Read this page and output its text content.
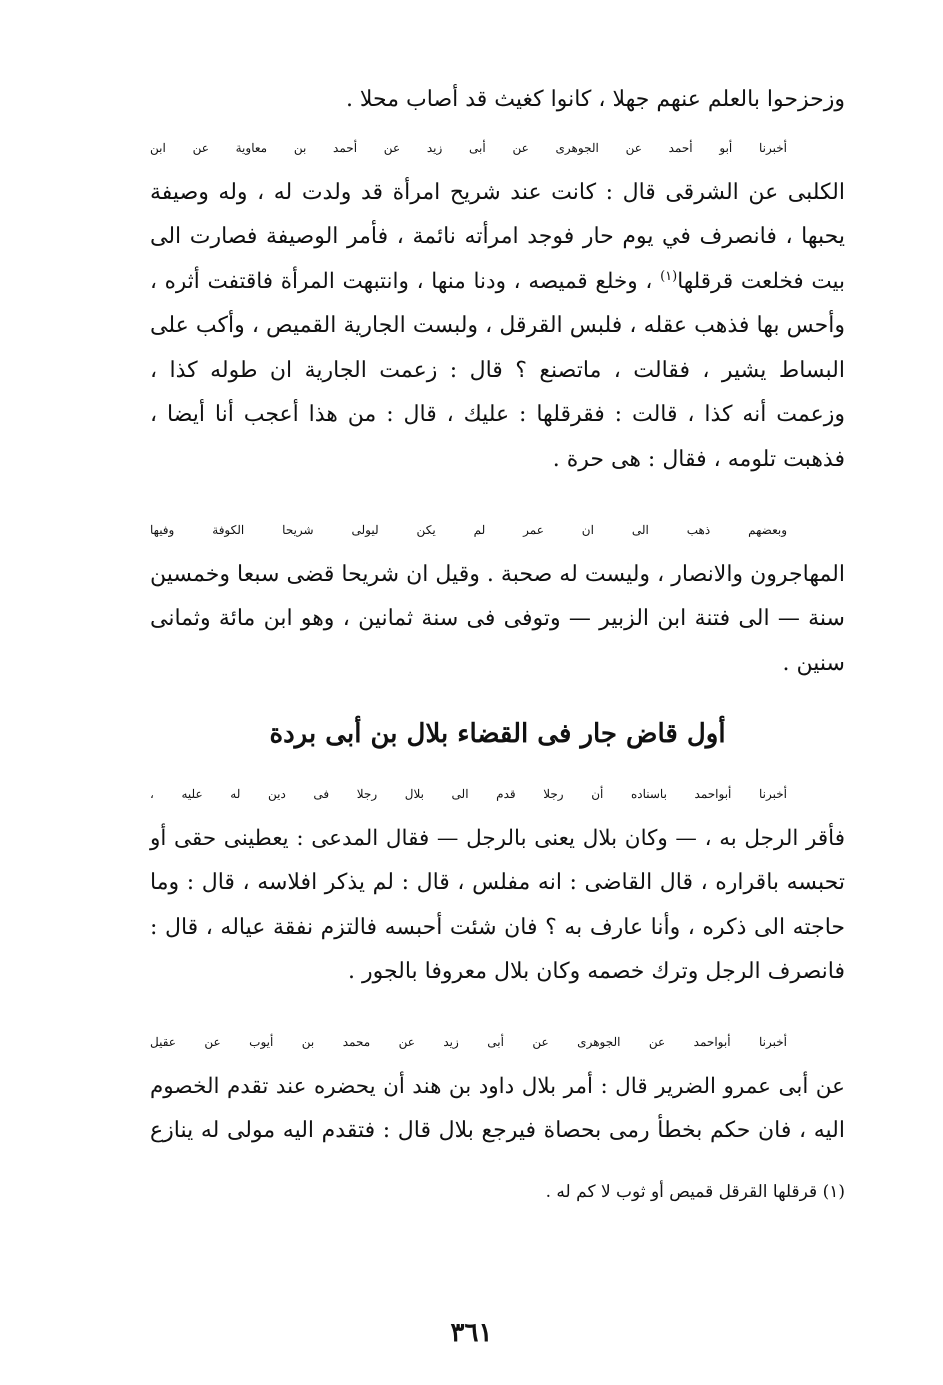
وزحزحوا بالعلم عنهم جهلا ، كانوا كغيث قد أصاب محلا .
أخبرنا أبو أحمد عن الجوهرى عن أبى زيد عن أحمد بن معاوية عن ابن
الكلبى عن الشرقى قال : كانت عند شريح امرأة قد ولدت له ، وله وصيفة
يحبها ، فانصرف في يوم حار فوجد امرأته نائمة ، فأمر الوصيفة فصارت الى
بيت فخلعت قرقلها$^{(١)}$ ، وخلع قميصه ، ودنا منها ، وانتبهت المرأة فاقتفت أثره ،
وأحس بها فذهب عقله ، فلبس القرقل ، ولبست الجارية القميص ، وأكب على
البساط يشير ، فقالت ، ماتصنع ؟ قال : زعمت الجارية ان طوله كذا ،
وزعمت أنه كذا ، قالت : فقرقلها : عليك ، قال : من هذا أعجب أنا أيضا ،
فذهبت تلومه ، فقال : هى حرة .
وبعضهم ذهب الى ان عمر لم يكن ليولى شريحا الكوفة وفيها
المهاجرون والانصار ، وليست له صحبة . وقيل ان شريحا قضى سبعا وخمسين
سنة — الى فتنة ابن الزبير — وتوفى فى سنة ثمانين ، وهو ابن مائة وثمانى
سنين .
أول قاض جار فى القضاء بلال بن أبى بردة
أخبرنا أبواحمد باسناده أن رجلا قدم الى بلال رجلا فى دين له عليه ،
فأقر الرجل به ، — وكان بلال يعنى بالرجل — فقال المدعى : يعطينى حقى أو
تحبسه باقراره ، قال القاضى : انه مفلس ، قال : لم يذكر افلاسه ، قال : وما
حاجته الى ذكره ، وأنا عارف به ؟ فان شئت أحبسه فالتزم نفقة عياله ، قال :
فانصرف الرجل وترك خصمه وكان بلال معروفا بالجور .
أخبرنا أبواحمد عن الجوهرى عن أبى زيد عن محمد بن أيوب عن عقيل
عن أبى عمرو الضرير قال : أمر بلال داود بن هند أن يحضره عند تقدم الخصوم
اليه ، فان حكم بخطأ رمى بحصاة فيرجع بلال قال : فتقدم اليه مولى له ينازع
(١) قرقلها القرقل قميص أو ثوب لا كم له .
٣٦١
